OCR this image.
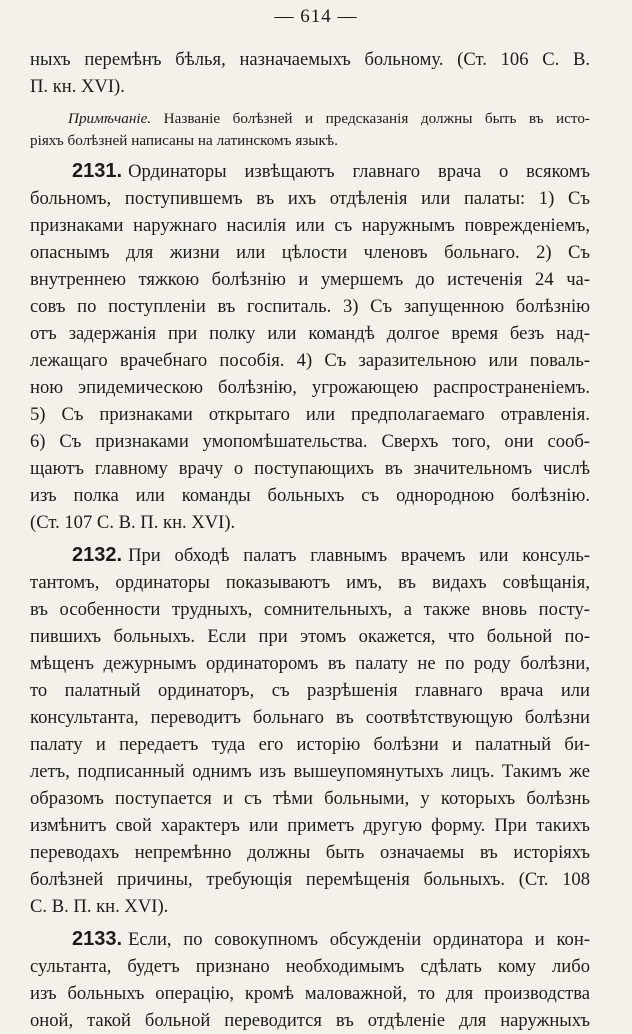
— 614 —
ныхъ перемѣнъ бѣлья, назначаемыхъ больному. (Ст. 106 С. В.
П. кн. XVI).
Примѣчаніе. Названіе болѣзней и предсказанія должны быть въ исто-
ріяхъ болѣзней написаны на латинскомъ языкѣ.
2131. Ординаторы извѣщаютъ главнаго врача о всякомъ
больномъ, поступившемъ въ ихъ отдѣленія или палаты: 1) Съ
признаками наружнаго насилія или съ наружнымъ поврежденіемъ,
опаснымъ для жизни или цѣлости членовъ больнаго. 2) Съ
внутреннею тяжкою болѣзнію и умершемъ до истеченія 24 ча-
совъ по поступленіи въ госпиталь. 3) Съ запущенною болѣзнію
отъ задержанія при полку или командѣ долгое время безъ над-
лежащаго врачебнаго пособія. 4) Съ заразительною или поваль-
ною эпидемическою болѣзнію, угрожающею распространеніемъ.
5) Съ признаками открытаго или предполагаемаго отравленія.
6) Съ признаками умопомѣшательства. Сверхъ того, они сооб-
щаютъ главному врачу о поступающихъ въ значительномъ числѣ
изъ полка или команды больныхъ съ однородною болѣзнію.
(Ст. 107 С. В. П. кн. XVI).
2132. При обходѣ палатъ главнымъ врачемъ или консуль-
тантомъ, ординаторы показываютъ имъ, въ видахъ совѣщанія,
въ особенности трудныхъ, сомнительныхъ, а также вновь посту-
пившихъ больныхъ. Если при этомъ окажется, что больной по-
мѣщенъ дежурнымъ ординаторомъ въ палату не по роду болѣзни,
то палатный ординаторъ, съ разрѣшенія главнаго врача или
консультанта, переводитъ больнаго въ соотвѣтствующую болѣзни
палату и передаетъ туда его исторію болѣзни и палатный би-
летъ, подписанный однимъ изъ вышеупомянутыхъ лицъ. Такимъ же
образомъ поступается и съ тѣми больными, у которыхъ болѣзнь
измѣнитъ свой характеръ или приметъ другую форму. При такихъ
переводахъ непремѣнно должны быть означаемы въ исторіяхъ
болѣзней причины, требующія перемѣщенія больныхъ. (Ст. 108
С. В. П. кн. XVI).
2133. Если, по совокупномъ обсужденіи ординатора и кон-
сультанта, будетъ признано необходимымъ сдѣлать кому либо
изъ больныхъ операцію, кромѣ маловажной, то для производства
оной, такой больной переводится въ отдѣленіе для наружныхъ
